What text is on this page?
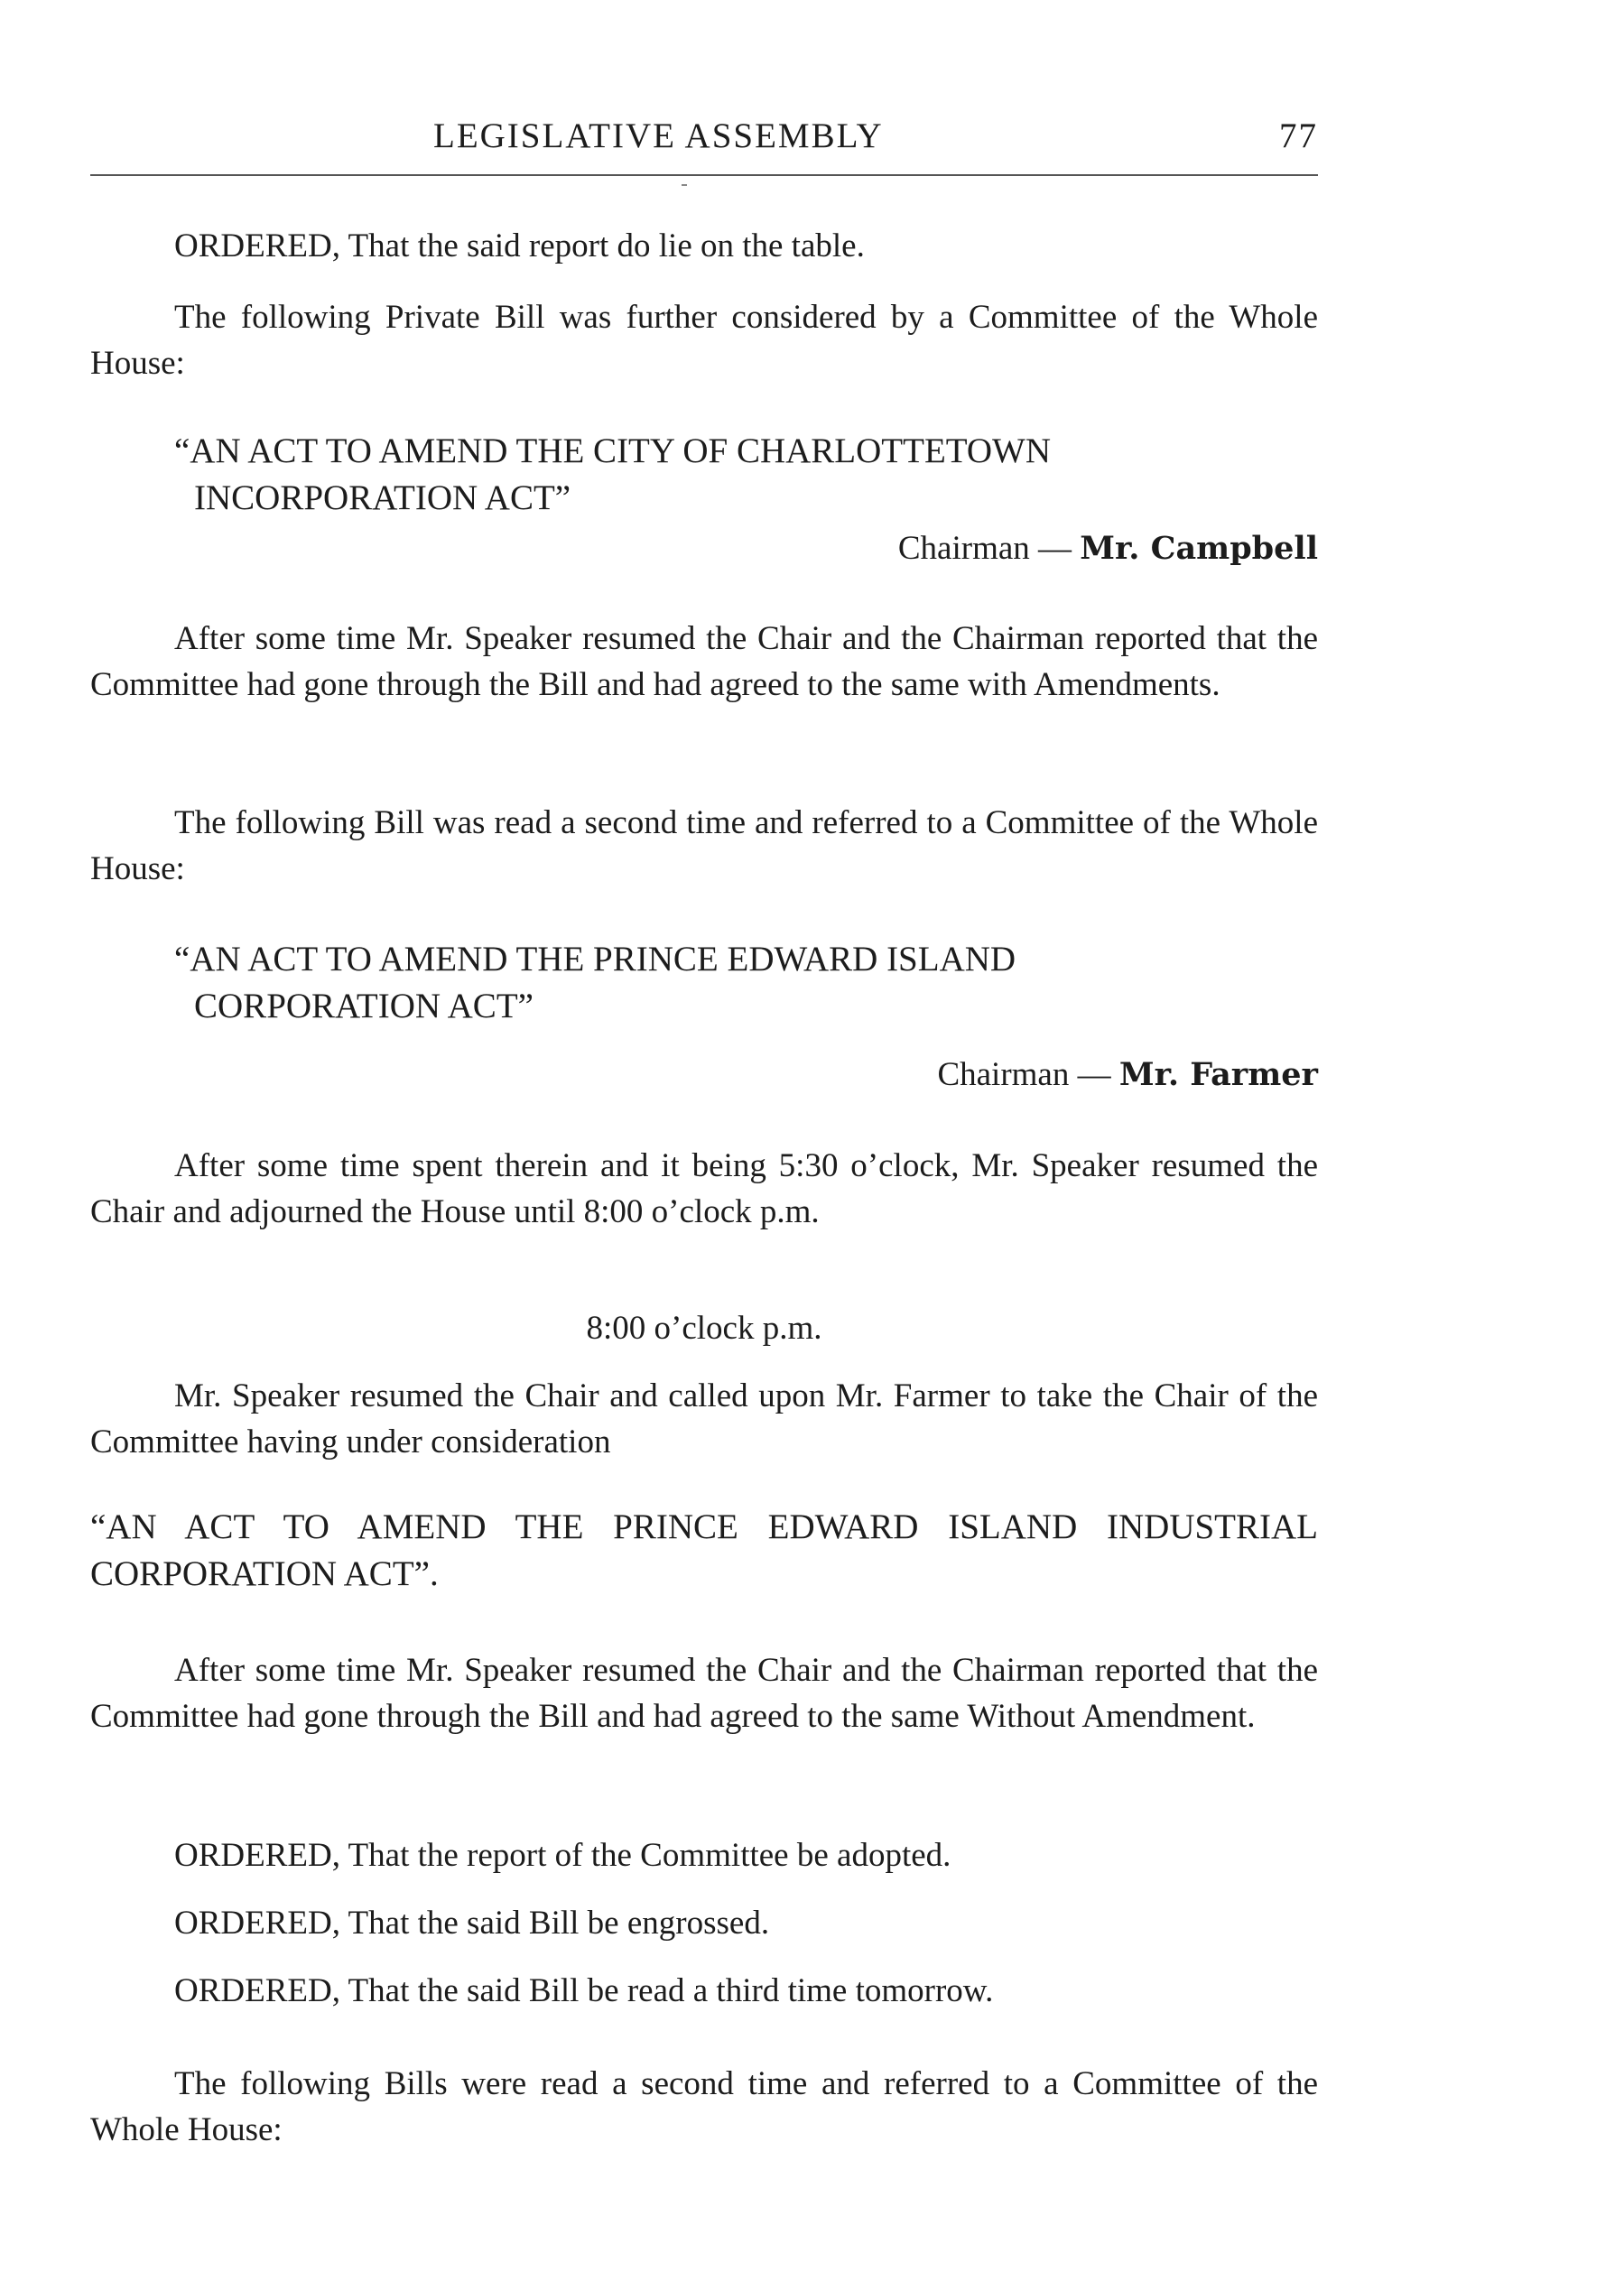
LEGISLATIVE ASSEMBLY	77
ORDERED, That the said report do lie on the table.
The following Private Bill was further considered by a Committee of the Whole House:
“AN ACT TO AMEND THE CITY OF CHARLOTTETOWN
INCORPORATION ACT”
Chairman — Mr. Campbell
After some time Mr. Speaker resumed the Chair and the Chairman reported that the Committee had gone through the Bill and had agreed to the same with Amendments.
The following Bill was read a second time and referred to a Committee of the Whole House:
“AN ACT TO AMEND THE PRINCE EDWARD ISLAND
CORPORATION ACT”
Chairman — Mr. Farmer
After some time spent therein and it being 5:30 o’clock, Mr. Speaker resumed the Chair and adjourned the House until 8:00 o’clock p.m.
8:00 o’clock p.m.
Mr. Speaker resumed the Chair and called upon Mr. Farmer to take the Chair of the Committee having under consideration
“AN ACT TO AMEND THE PRINCE EDWARD ISLAND INDUSTRIAL CORPORATION ACT”.
After some time Mr. Speaker resumed the Chair and the Chairman reported that the Committee had gone through the Bill and had agreed to the same Without Amendment.
ORDERED, That the report of the Committee be adopted.
ORDERED, That the said Bill be engrossed.
ORDERED, That the said Bill be read a third time tomorrow.
The following Bills were read a second time and referred to a Committee of the Whole House:
